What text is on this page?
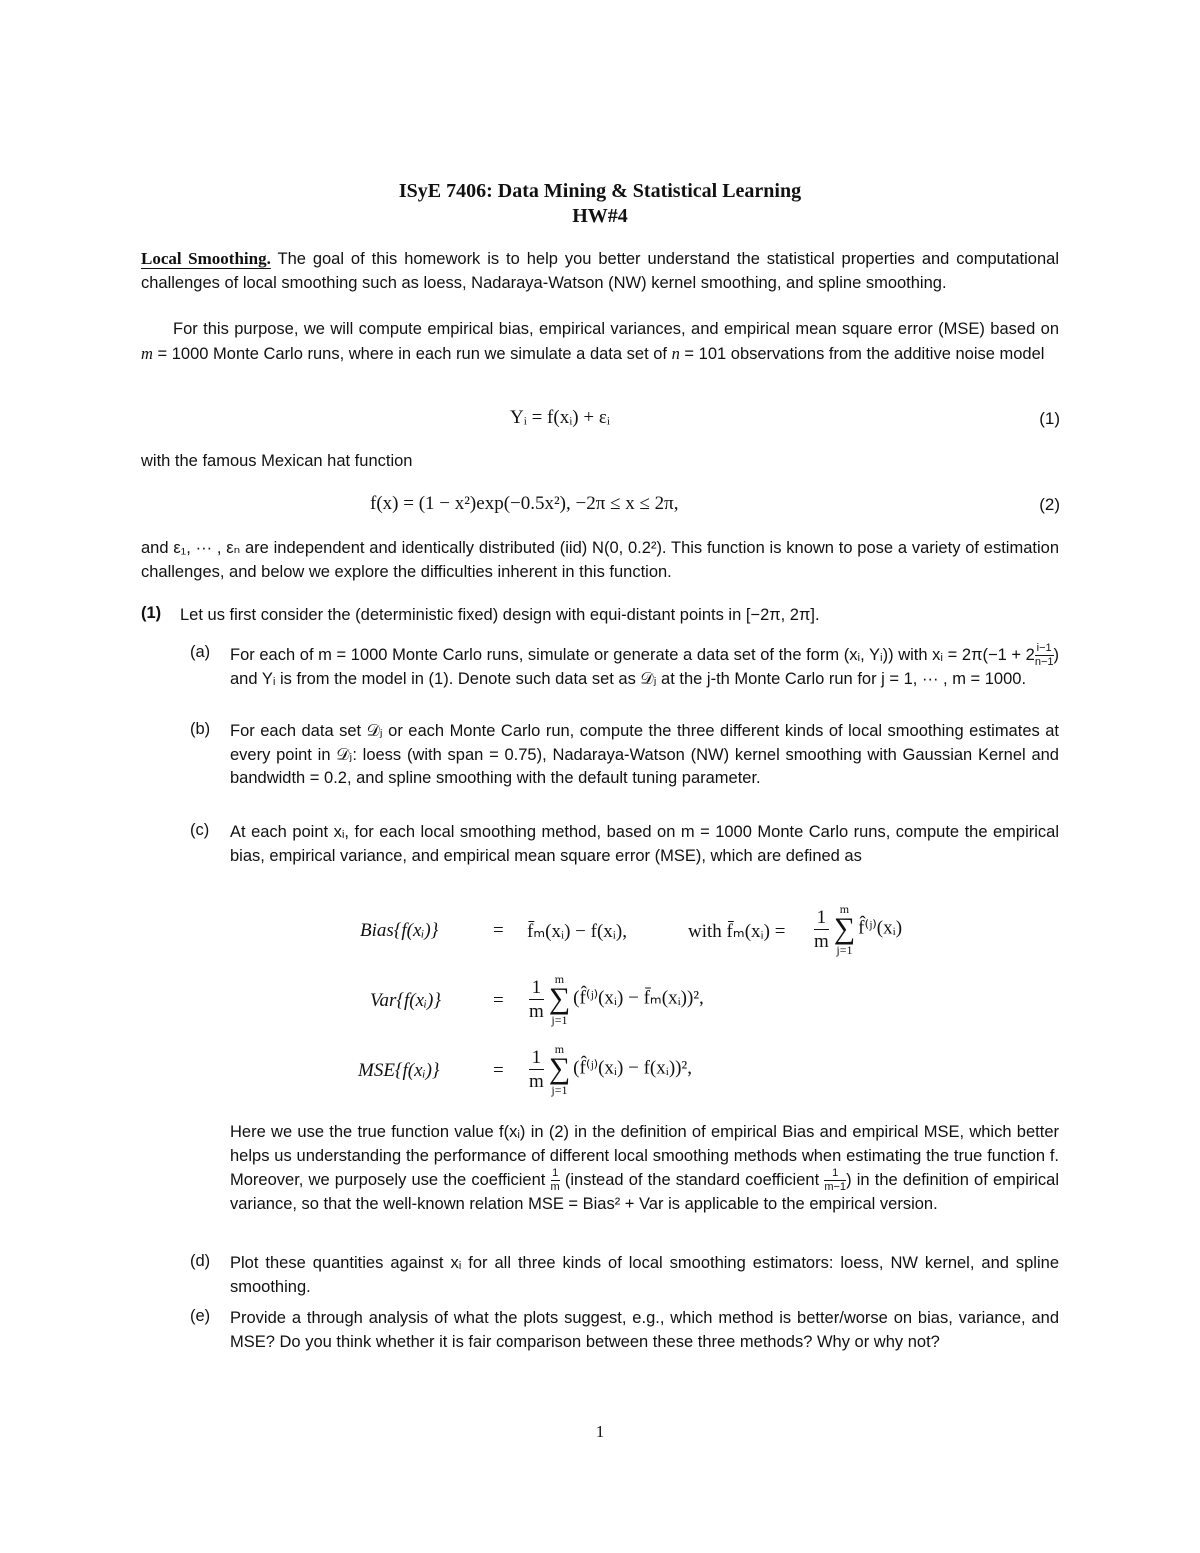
ISyE 7406: Data Mining & Statistical Learning
HW#4
Local Smoothing. The goal of this homework is to help you better understand the statistical properties and computational challenges of local smoothing such as loess, Nadaraya-Watson (NW) kernel smoothing, and spline smoothing.
For this purpose, we will compute empirical bias, empirical variances, and empirical mean square error (MSE) based on m = 1000 Monte Carlo runs, where in each run we simulate a data set of n = 101 observations from the additive noise model
Yᵢ = f(xᵢ) + εᵢ	(1)
with the famous Mexican hat function
f(x) = (1 − x²)exp(−0.5x²), −2π ≤ x ≤ 2π,	(2)
and ε₁, ··· , εₙ are independent and identically distributed (iid) N(0, 0.2²). This function is known to pose a variety of estimation challenges, and below we explore the difficulties inherent in this function.
(1) Let us first consider the (deterministic fixed) design with equi-distant points in [−2π, 2π].
(a) For each of m = 1000 Monte Carlo runs, simulate or generate a data set of the form (xᵢ, Yᵢ)) with xᵢ = $2\pi(-1 + 2 \frac{i-1}{n-1}$ ) and Yᵢ is from the model in (1). Denote such data set as 𝒟ⱼ at the j-th Monte Carlo run for j = 1, ··· , m = 1000.
(b) For each data set 𝒟ⱼ or each Monte Carlo run, compute the three different kinds of local smoothing estimates at every point in 𝒟ⱼ: loess (with span = 0.75), Nadaraya-Watson (NW) kernel smoothing with Gaussian Kernel and bandwidth = 0.2, and spline smoothing with the default tuning parameter.
(c) At each point xᵢ, for each local smoothing method, based on m = 1000 Monte Carlo runs, compute the empirical bias, empirical variance, and empirical mean square error (MSE), which are defined as
Bias{f(xᵢ)}	= f̄ₘ(xᵢ) − f(xᵢ),	with f̄ₘ(xᵢ) = $\frac{1}{m}$ m
∑
j=1
f̂⁽ʲ⁾(xᵢ)
Var{f(xᵢ)}	= $\frac{1}{m}$ m
∑
j=1
(f̂⁽ʲ⁾(xᵢ) − f̄ₘ(xᵢ))²,
MSE{f(xᵢ)}	= $\frac{1}{m}$ m
∑
j=1
(f̂⁽ʲ⁾(xᵢ) − f(xᵢ))²,
Here we use the true function value f(xᵢ) in (2) in the definition of empirical Bias and empirical MSE, which better helps us understanding the performance of different local smoothing methods when estimating the true function f. Moreover, we purposely use the coefficient $\frac{1}{m}$ (instead of the standard coefficient $\frac{1}{m-1}$ ) in the definition of empirical variance, so that the well-known relation MSE = Bias² + Var is applicable to the empirical version.
(d) Plot these quantities against xᵢ for all three kinds of local smoothing estimators: loess, NW kernel, and spline smoothing.
(e) Provide a through analysis of what the plots suggest, e.g., which method is better/worse on bias, variance, and MSE? Do you think whether it is fair comparison between these three methods? Why or why not?
1
